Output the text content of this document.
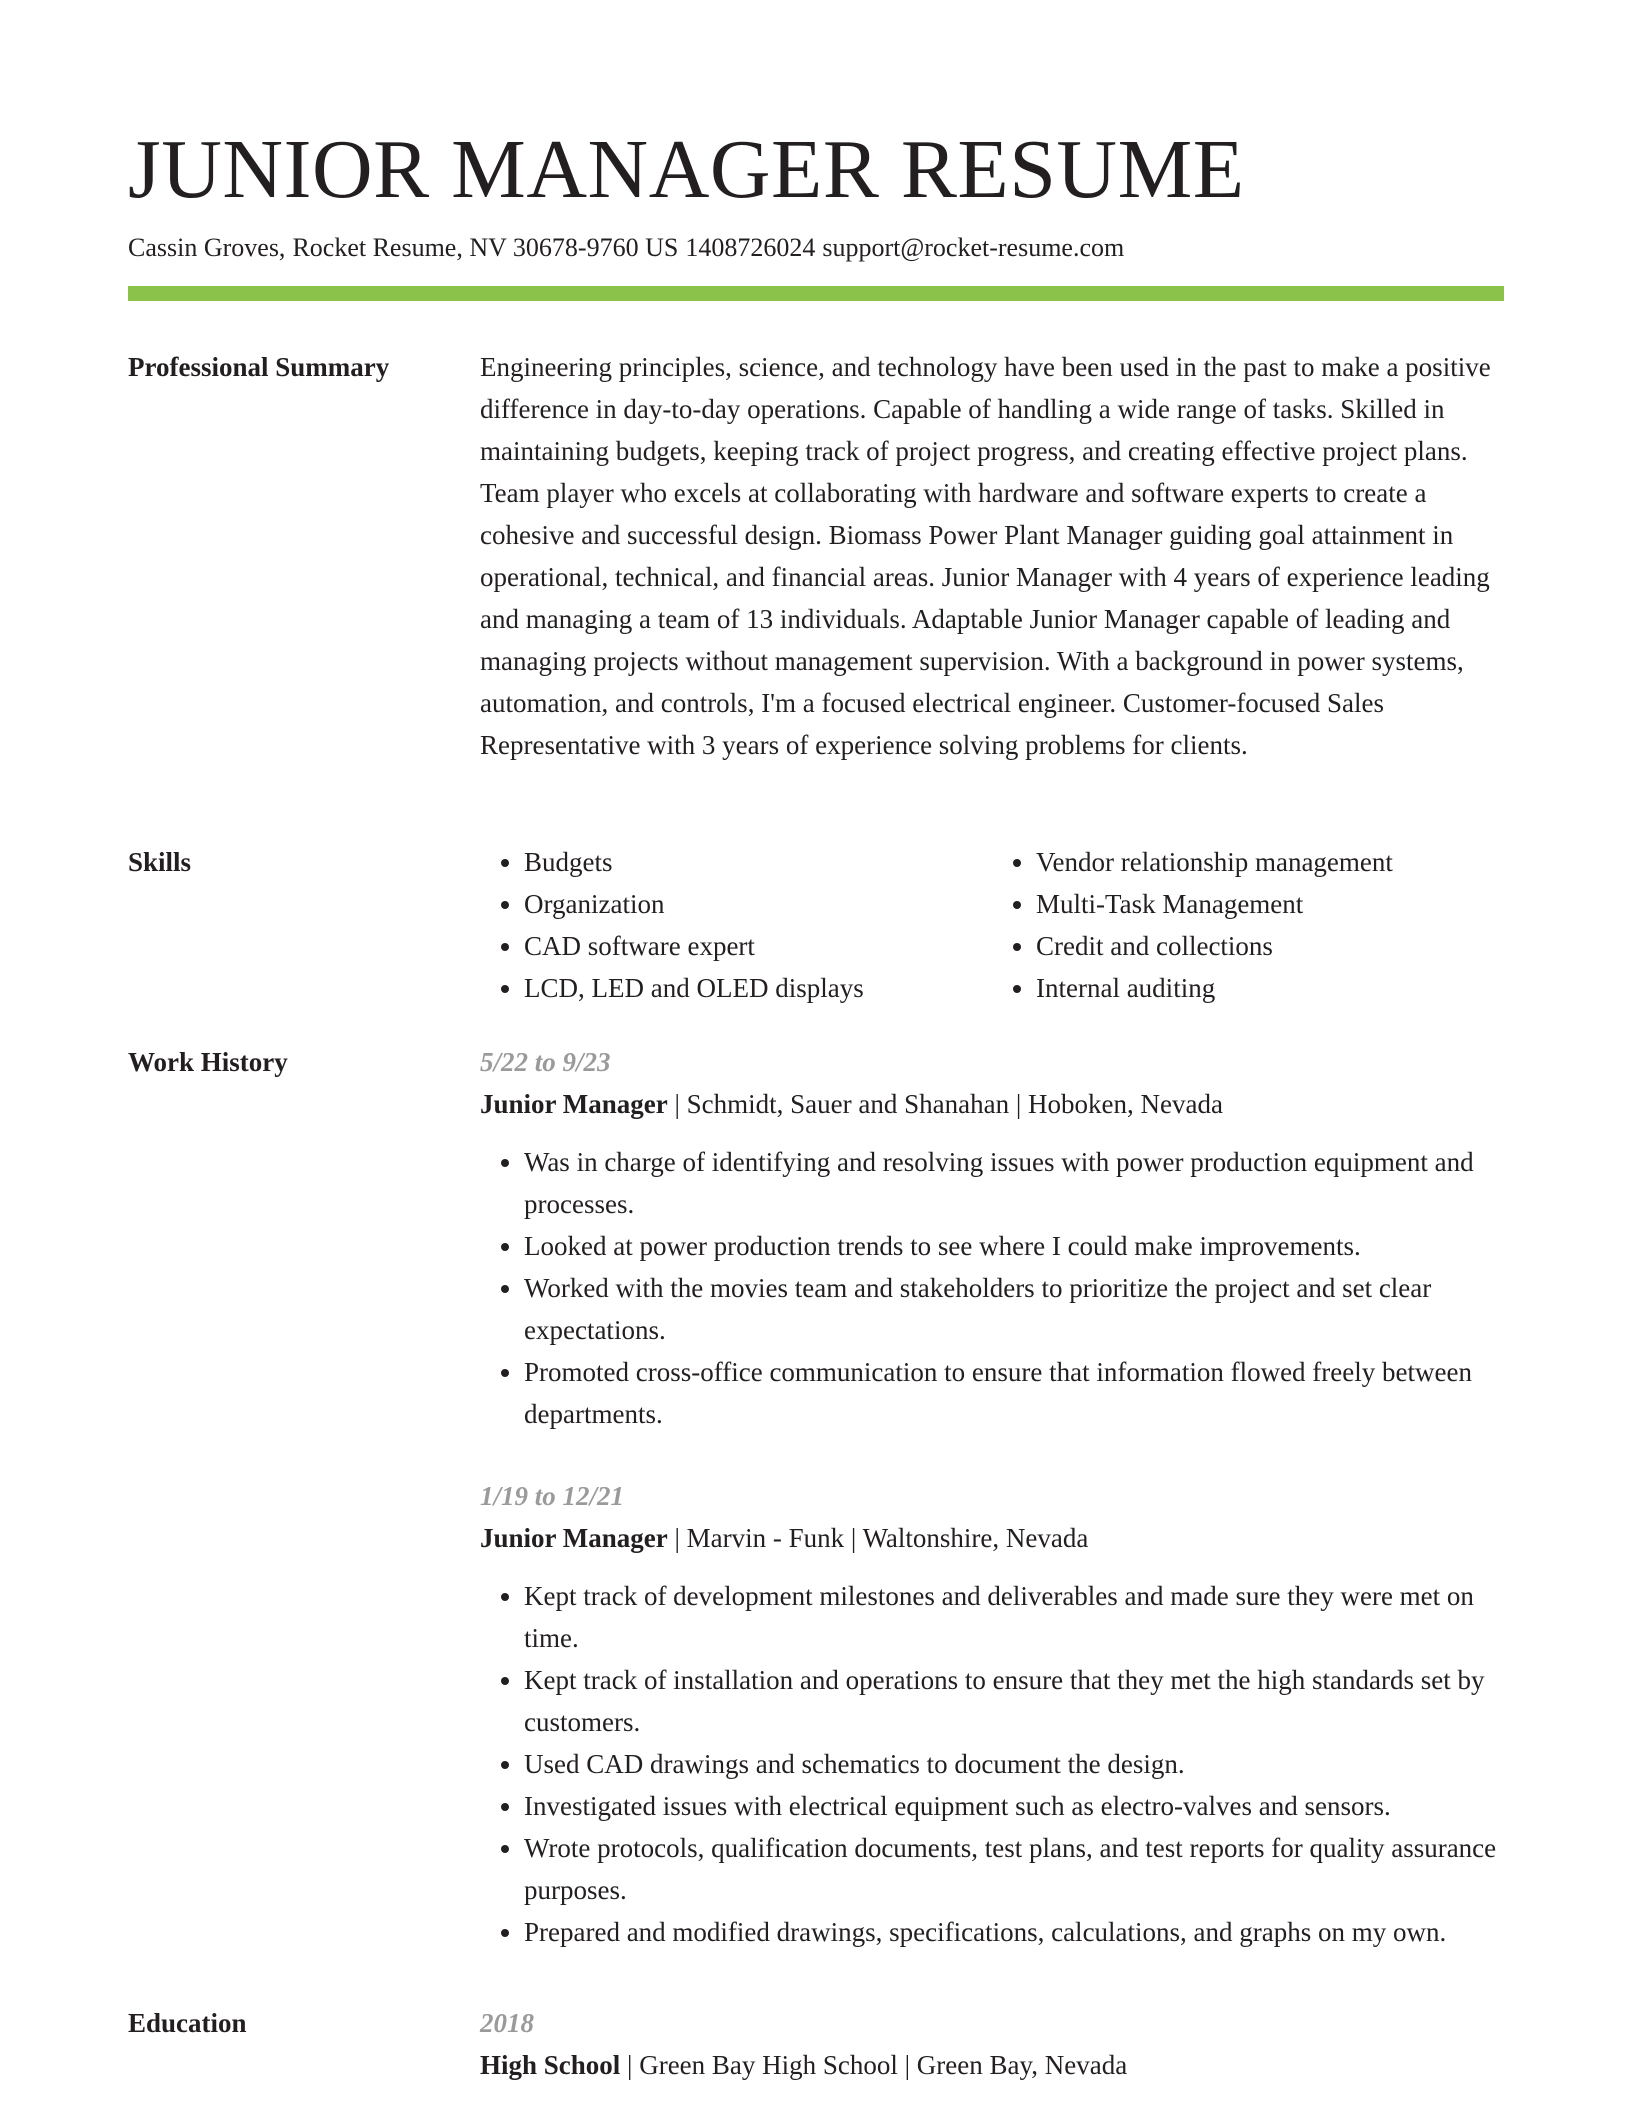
JUNIOR MANAGER RESUME
Cassin Groves, Rocket Resume, NV 30678-9760 US 1408726024 support@rocket-resume.com
Professional Summary	Engineering principles, science, and technology have been used in the past to make a positive difference in day-to-day operations. Capable of handling a wide range of tasks. Skilled in maintaining budgets, keeping track of project progress, and creating effective project plans. Team player who excels at collaborating with hardware and software experts to create a cohesive and successful design. Biomass Power Plant Manager guiding goal attainment in operational, technical, and financial areas. Junior Manager with 4 years of experience leading and managing a team of 13 individuals. Adaptable Junior Manager capable of leading and managing projects without management supervision. With a background in power systems, automation, and controls, I'm a focused electrical engineer. Customer-focused Sales Representative with 3 years of experience solving problems for clients.

Skills
•	Budgets
• Organization
• CAD software expert
• LCD, LED and OLED displays
• Vendor relationship management
• Multi-Task Management
• Credit and collections
• Internal auditing
Work History	5/22 to 9/23
Junior Manager | Schmidt, Sauer and Shanahan | Hoboken, Nevada
• Was in charge of identifying and resolving issues with power production equipment and processes.
• Looked at power production trends to see where I could make improvements.
• Worked with the movies team and stakeholders to prioritize the project and set clear expectations.
• Promoted cross-office communication to ensure that information flowed freely between departments.
1/19 to 12/21
Junior Manager | Marvin - Funk | Waltonshire, Nevada
• Kept track of development milestones and deliverables and made sure they were met on time.
• Kept track of installation and operations to ensure that they met the high standards set by customers.
• Used CAD drawings and schematics to document the design.
• Investigated issues with electrical equipment such as electro-valves and sensors.
• Wrote protocols, qualification documents, test plans, and test reports for quality assurance purposes.
• Prepared and modified drawings, specifications, calculations, and graphs on my own.
Education	2018
High School | Green Bay High School | Green Bay, Nevada
